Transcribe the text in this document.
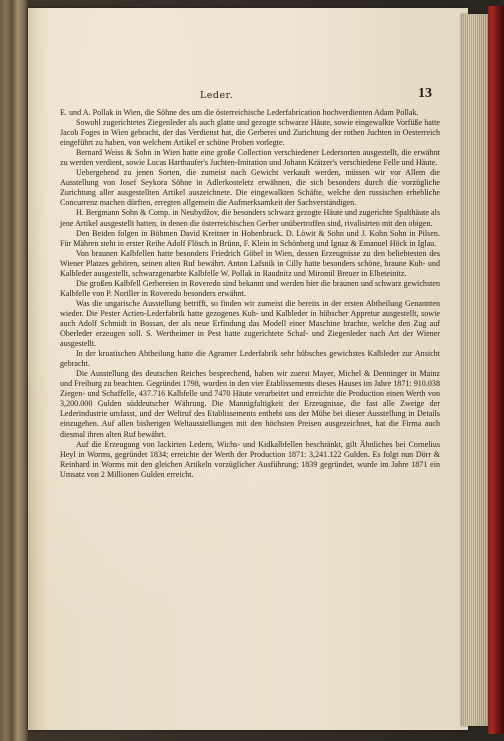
Leder.	13

E. und A. Pollak in Wien, die Söhne des um die österreichische Lederfabrication hochverdienten Adam Pollak.

Sowohl zugerichtetes Ziegenleder als auch glatte und gezogte schwarze Häute, sowie eingewalkte Vorfüße hatte Jacob Foges in Wien gebracht, der das Verdienst hat, die Gerberei und Zurichtung der rothen Juchten in Oesterreich eingeführt zu haben, von welchem Artikel er schöne Proben vorlegte.

Bernard Weiss & Sohn in Wien hatte eine große Collection verschiedener Ledersorten ausgestellt, die erwähnt zu werden verdient, sowie Lucas Harthaufer's Juchten-Imitation und Johann Krätzer's verschiedene Felle und Häute.

Uebergehend zu jenen Sorten, die zumeist nach Gewicht verkauft werden, müssen wir vor Allem die Ausstellung von Josef Seykora Söhne in Adlerkosteletz erwähnen, die sich besonders durch die vorzügliche Zurichtung aller ausgestellten Artikel auszeichnete. Die eingewalkten Schäfte, welche den russischen erhebliche Concurrenz machen dürften, erregten allgemein die Aufmerksamkeit der Sachverständigen.

H. Bergmann Sohn & Comp. in Neubydžov, die besonders schwarz gezogte Häute und zugerichte Spalthäute als jene Artikel ausgestellt hatten, in denen die österreichischen Gerber unübertroffen sind, rivalisirten mit den obigen.

Den Beiden folgen in Böhmen David Kreitner in Hohenbruck. D. Löwit & Sohn und J. Kohn Sohn in Pilsen. Für Mähren steht in erster Reihe Adolf Flösch in Brünn, F. Klein in Schönberg und Ignaz & Emanuel Höck in Iglau.

Von braunen Kalbfellen hatte besonders Friedrich Göbel in Wien, dessen Erzeugnisse zu den beliebtesten des Wiener Platzes gehören, seinen alten Ruf bewährt. Anton Lafsnik in Cilly hatte besonders schöne, braune Kuh- und Kalbleder ausgestellt, schwarzgenarbte Kalbfelle W. Pollak in Raudnitz und Miromil Breuer in Elbeteinitz.

Die großen Kalbfell Gerbereien in Roveredo sind bekannt und werden hier die braunen und schwarz gewichsten Kalbfelle von P. Noriller in Roveredo besonders erwähnt.

Was die ungarische Ausstellung betrifft, so finden wir zumeist die bereits in der ersten Abtheilung Genannten wieder. Die Pester Actien-Lederfabrik hatte gezogenes Kuh- und Kalbleder in hübscher Appretur ausgestellt, sowie auch Adolf Schmidt in Bossan, der als neue Erfindung das Modell einer Maschine brachte, welche den Zug auf Oberleder erzeugen soll. S. Wertheimer in Pest hatte zugerichtete Schaf- und Ziegenleder nach Art der Wiener ausgestellt.

In der kroatischen Abtheilung hatte die Agramer Lederfabrik sehr hübsches gewichstes Kalbleder zur Ansicht gebracht.

Die Ausstellung des deutschen Reiches besprechend, haben wir zuerst Mayer, Michel & Denninger in Mainz und Freiburg zu beachten. Gegründet 1798, wurden in den vier Etablissements dieses Hauses im Jahre 1871: 910.038 Ziegen- und Schaffelle, 437.716 Kalbfelle und 7470 Häute verarbeitet und erreichte die Production einen Werth von 3,200.000 Gulden süddeutscher Währung. Die Mannigfaltigkeit der Erzeugnisse, die fast alle Zweige der Lederindustrie umfasst, und der Weltruf des Etablissements enthebt uns der Mühe bei dieser Ausstellung in Details einzugehen. Auf allen bisherigen Weltausstellungen mit den höchsten Preisen ausgezeichnet, hat die Firma auch diesmal ihren alten Ruf bewährt.

Auf die Erzeugung von lackirten Ledern, Wichs- und Kidkalbfellen beschränkt, gilt Ähnliches bei Cornelius Heyl in Worms, gegründet 1834; erreichte der Werth der Production 1871: 3,241.122 Gulden. Es folgt nun Dörr & Reinhard in Worms mit den gleichen Artikeln vorzüglicher Ausführung; 1839 gegründet, wurde im Jahre 1871 ein Umsatz von 2 Millionen Gulden erreicht.
